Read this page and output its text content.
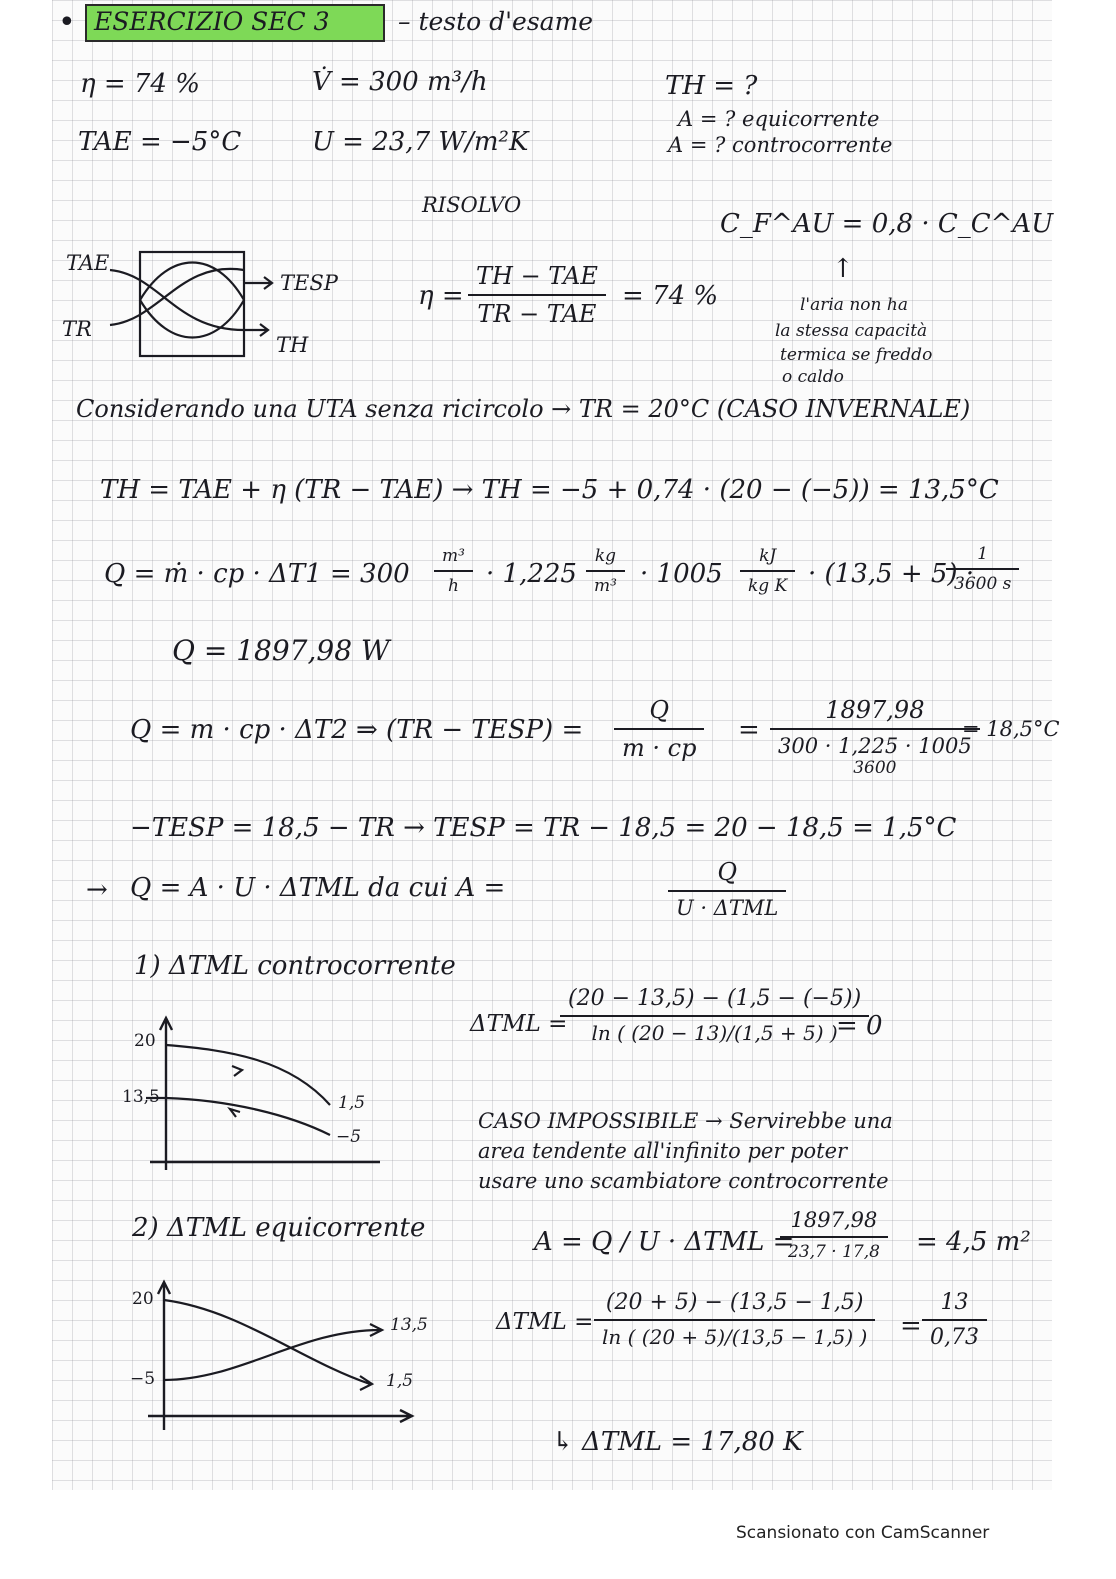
• ESERCIZIO SEC 3	– testo d'esame
η = 74 %	V̇ = 300 m³/h
TAE = −5°C	U = 23,7 W/m²K
TH = ?
A = ? equicorrente
A = ? controcorrente
RISOLVO
C_F^AU = 0,8 · C_C^AU
↑
l'aria non ha
la stessa capacità
termica se freddo
o caldo
TAE
TR
TESP
TH
η =
TH − TAE
TR − TAE
= 74 %
Considerando una UTA senza ricircolo → TR = 20°C (CASO INVERNALE)
TH = TAE + η (TR − TAE) → TH = −5 + 0,74 · (20 − (−5)) = 13,5°C
Q = ṁ · cp · ΔT1 = 300
m³
h	· 1,225
kg
m³ · 1005
kJ
kg K · (13,5 + 5) ·
1
3600 s
Q = 1897,98 W
Q = m · cp · ΔT2 ⇒ (TR − TESP) =
Q
m · cp
=
1897,98
300 · 1,225 · 1005
3600
= 18,5°C
−TESP = 18,5 − TR → TESP = TR − 18,5 = 20 − 18,5 = 1,5°C
→ Q = A · U · ΔTML da cui A =
Q
U · ΔTML
1) ΔTML controcorrente
ΔTML =
(20 − 13,5) − (1,5 − (−5))
ln ( (20 − 13)/(1,5 + 5) )
= 0
CASO IMPOSSIBILE → Servirebbe una
area tendente all'infinito per poter
usare uno scambiatore controcorrente
20
13,5	1,5
−5
2) ΔTML equicorrente	A = Q / U · ΔTML =
1897,98
23,7 · 17,8	= 4,5 m²
ΔTML =
(20 + 5) − (13,5 − 1,5)
ln ( (20 + 5)/(13,5 − 1,5) )	=
13
0,73
↳ ΔTML = 17,80 K
20
−5
13,5
1,5
Scansionato con CamScanner
